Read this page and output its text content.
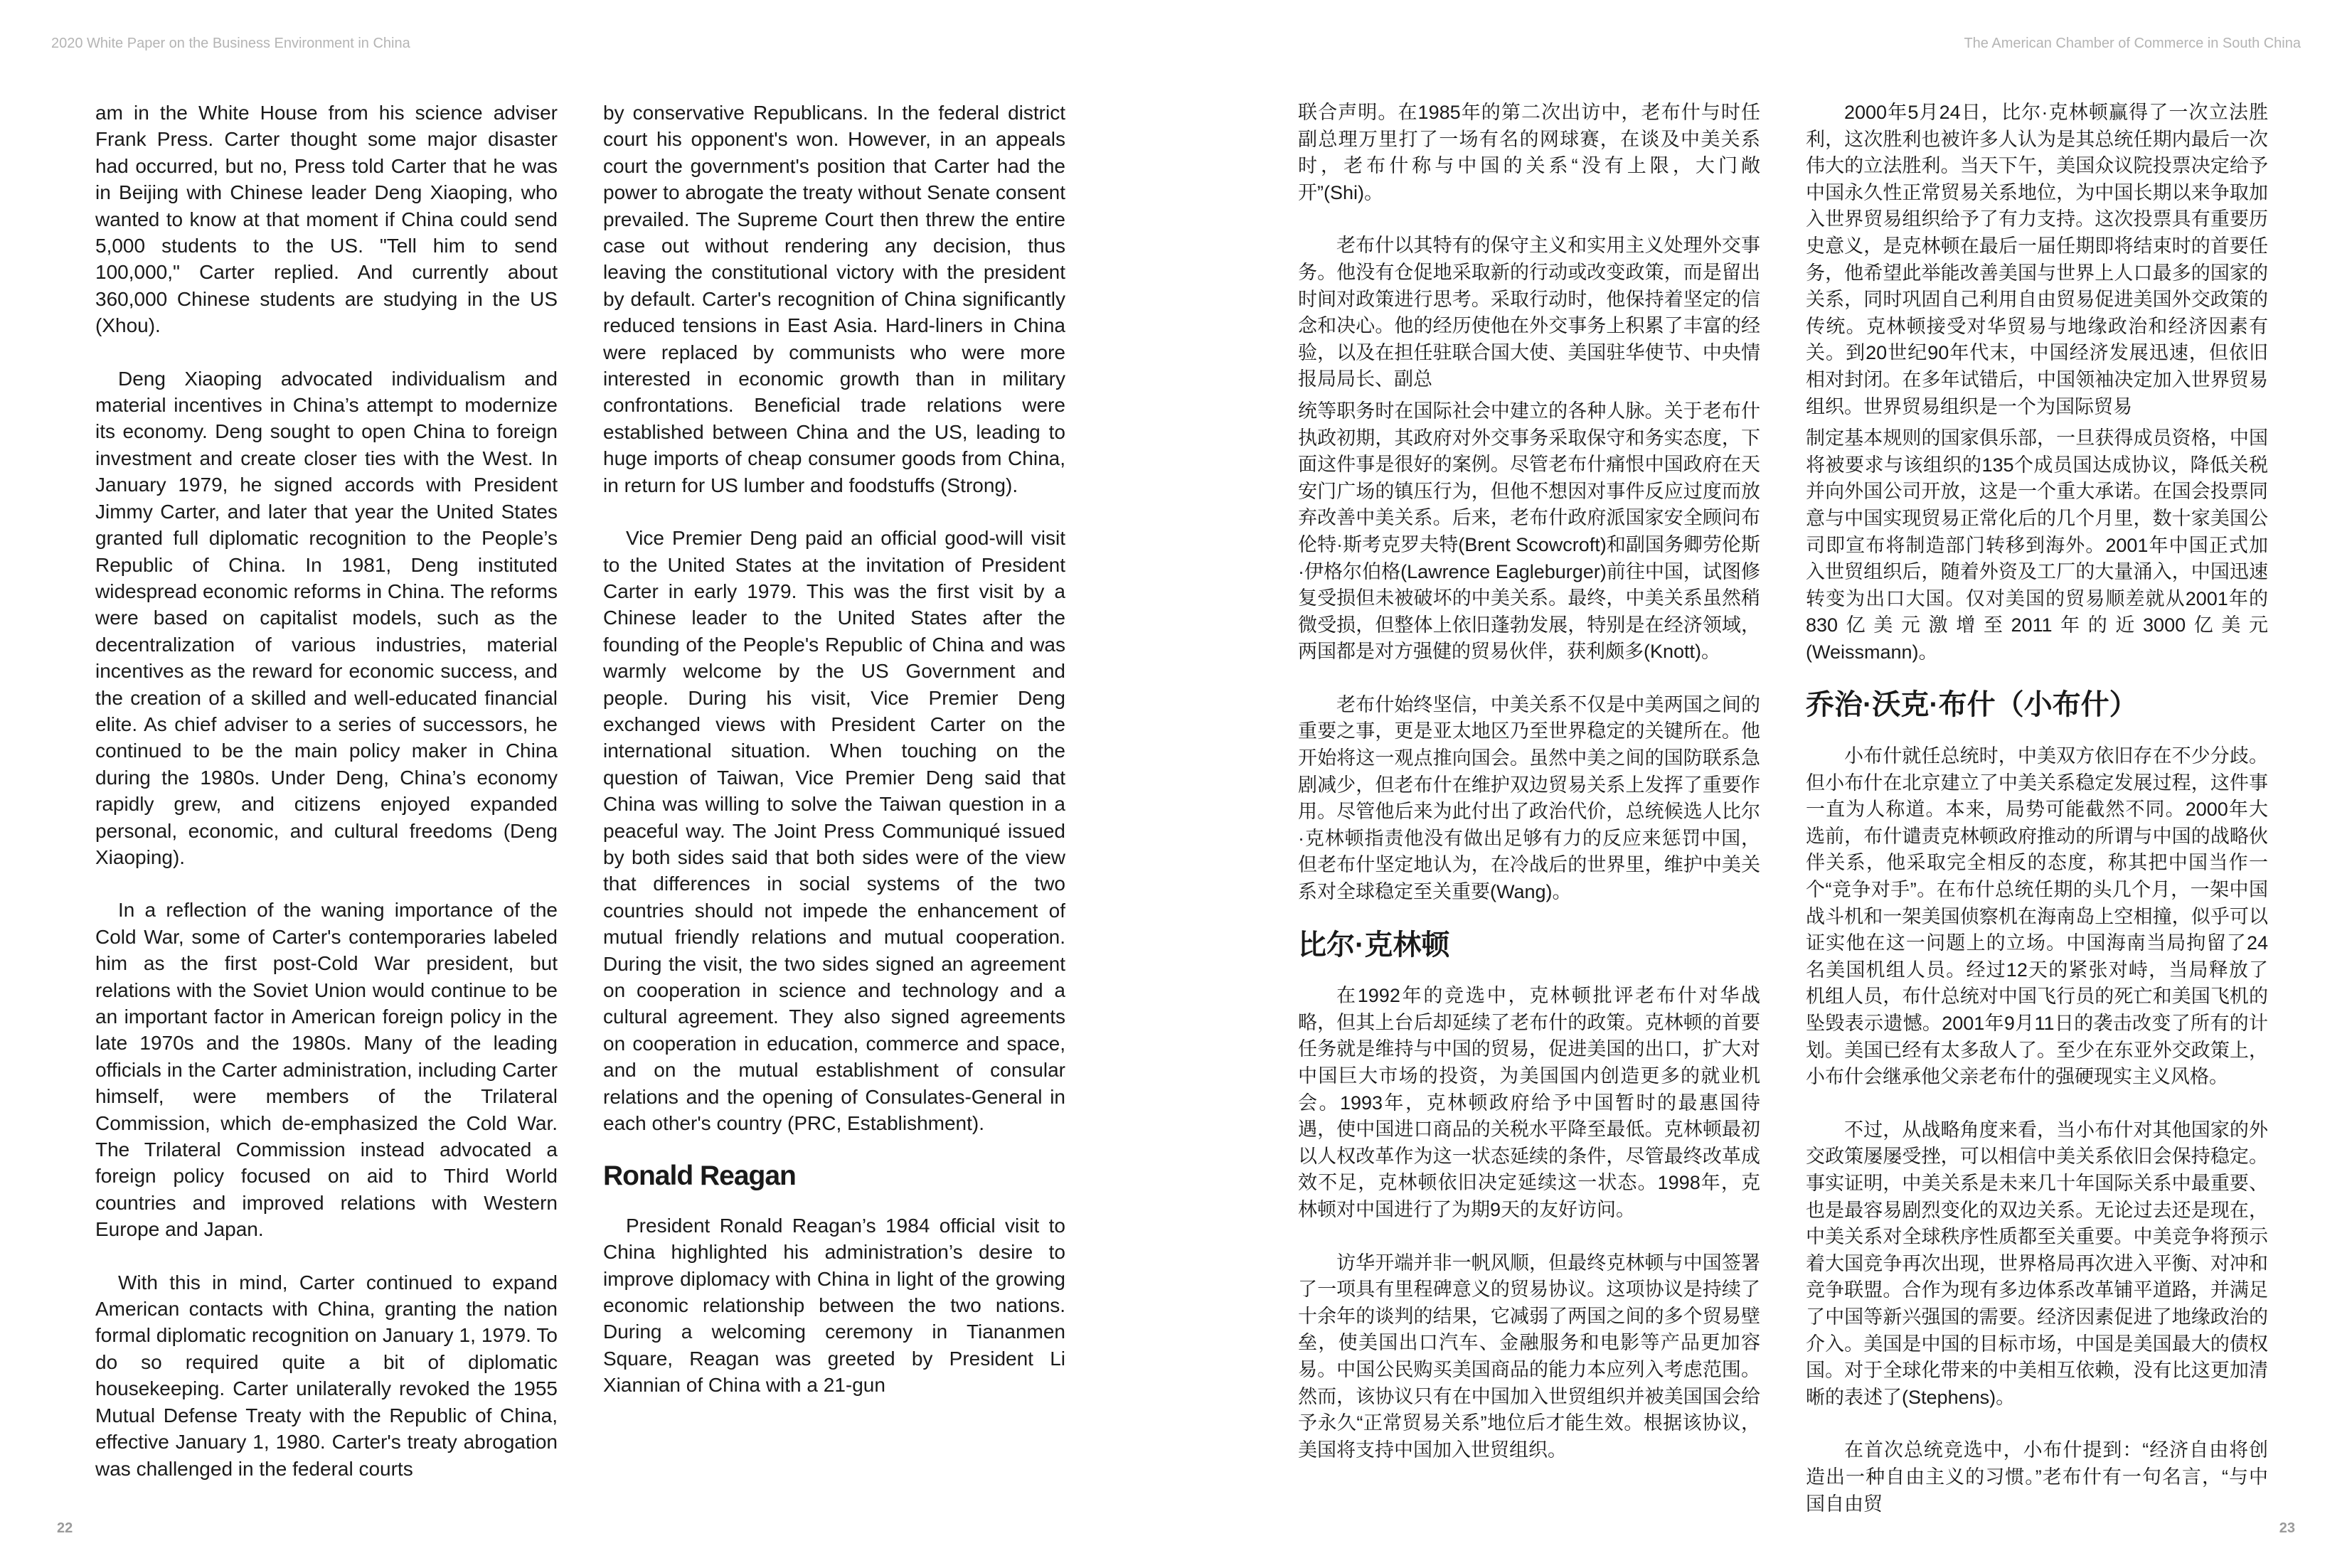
2020 White Paper on the Business Environment in China	The American Chamber of Commerce in South China

am in the White House from his science adviser Frank Press. Carter thought some major disaster had occurred, but no, Press told Carter that he was in Beijing with Chinese leader Deng Xiaoping, who wanted to know at that moment if China could send 5,000 students to the US. "Tell him to send 100,000," Carter replied. And currently about 360,000 Chinese students are studying in the US (Xhou).

Deng Xiaoping advocated individualism and material incentives in China’s attempt to modernize its economy. Deng sought to open China to foreign investment and create closer ties with the West. In January 1979, he signed accords with President Jimmy Carter, and later that year the United States granted full diplomatic recognition to the People’s Republic of China. In 1981, Deng instituted widespread economic reforms in China. The reforms were based on capitalist models, such as the decentralization of various industries, material incentives as the reward for economic success, and the creation of a skilled and well-educated financial elite. As chief adviser to a series of successors, he continued to be the main policy maker in China during the 1980s. Under Deng, China’s economy rapidly grew, and citizens enjoyed expanded personal, economic, and cultural freedoms (Deng Xiaoping).

In a reflection of the waning importance of the Cold War, some of Carter's contemporaries labeled him as the first post-Cold War president, but relations with the Soviet Union would continue to be an important factor in American foreign policy in the late 1970s and the 1980s. Many of the leading officials in the Carter administration, including Carter himself, were members of the Trilateral Commission, which de-emphasized the Cold War. The Trilateral Commission instead advocated a foreign policy focused on aid to Third World countries and improved relations with Western Europe and Japan.

With this in mind, Carter continued to expand American contacts with China, granting the nation formal diplomatic recognition on January 1, 1979. To do so required quite a bit of diplomatic housekeeping. Carter unilaterally revoked the 1955 Mutual Defense Treaty with the Republic of China, effective January 1, 1980. Carter's treaty abrogation was challenged in the federal courts

by conservative Republicans. In the federal district court his opponent's won. However, in an appeals court the government's position that Carter had the power to abrogate the treaty without Senate consent prevailed. The Supreme Court then threw the entire case out without rendering any decision, thus leaving the constitutional victory with the president by default. Carter's recognition of China significantly reduced tensions in East Asia. Hard-liners in China were replaced by communists who were more interested in economic growth than in military confrontations. Beneficial trade relations were established between China and the US, leading to huge imports of cheap consumer goods from China, in return for US lumber and foodstuffs (Strong).

Vice Premier Deng paid an official good-will visit to the United States at the invitation of President Carter in early 1979. This was the first visit by a Chinese leader to the United States after the founding of the People's Republic of China and was warmly welcome by the US Government and people. During his visit, Vice Premier Deng exchanged views with President Carter on the international situation. When touching on the question of Taiwan, Vice Premier Deng said that China was willing to solve the Taiwan question in a peaceful way. The Joint Press Communiqué issued by both sides said that both sides were of the view that differences in social systems of the two countries should not impede the enhancement of mutual friendly relations and mutual cooperation. During the visit, the two sides signed an agreement on cooperation in science and technology and a cultural agreement. They also signed agreements on cooperation in education, commerce and space, and on the mutual establishment of consular relations and the opening of Consulates-General in each other's country (PRC, Establishment).

Ronald Reagan

President Ronald Reagan’s 1984 official visit to China highlighted his administration’s desire to improve diplomacy with China in light of the growing economic relationship between the two nations. During a welcoming ceremony in Tiananmen Square, Reagan was greeted by President Li Xiannian of China with a 21-gun

联合声明。在1985年的第二次出访中，老布什与时任副总理万里打了一场有名的网球赛，在谈及中美关系时，老布什称与中国的关系“没有上限，大门敞开”(Shi)。

老布什以其特有的保守主义和实用主义处理外交事务。他没有仓促地采取新的行动或改变政策，而是留出时间对政策进行思考。采取行动时，他保持着坚定的信念和决心。他的经历使他在外交事务上积累了丰富的经验，以及在担任驻联合国大使、美国驻华使节、中央情报局局长、副总

统等职务时在国际社会中建立的各种人脉。关于老布什执政初期，其政府对外交事务采取保守和务实态度，下面这件事是很好的案例。尽管老布什痛恨中国政府在天安门广场的镇压行为，但他不想因对事件反应过度而放弃改善中美关系。后来，老布什政府派国家安全顾问布伦特·斯考克罗夫特(Brent Scowcroft)和副国务卿劳伦斯·伊格尔伯格(Lawrence Eagleburger)前往中国，试图修复受损但未被破坏的中美关系。最终，中美关系虽然稍微受损，但整体上依旧蓬勃发展，特别是在经济领域，两国都是对方强健的贸易伙伴，获利颇多(Knott)。

老布什始终坚信，中美关系不仅是中美两国之间的重要之事，更是亚太地区乃至世界稳定的关键所在。他开始将这一观点推向国会。虽然中美之间的国防联系急剧减少，但老布什在维护双边贸易关系上发挥了重要作用。尽管他后来为此付出了政治代价，总统候选人比尔·克林顿指责他没有做出足够有力的反应来惩罚中国，但老布什坚定地认为，在冷战后的世界里，维护中美关系对全球稳定至关重要(Wang)。

比尔·克林顿

在1992年的竞选中，克林顿批评老布什对华战略，但其上台后却延续了老布什的政策。克林顿的首要任务就是维持与中国的贸易，促进美国的出口，扩大对中国巨大市场的投资，为美国国内创造更多的就业机会。1993年，克林顿政府给予中国暂时的最惠国待遇，使中国进口商品的关税水平降至最低。克林顿最初以人权改革作为这一状态延续的条件，尽管最终改革成效不足，克林顿依旧决定延续这一状态。1998年，克林顿对中国进行了为期9天的友好访问。

访华开端并非一帆风顺，但最终克林顿与中国签署了一项具有里程碑意义的贸易协议。这项协议是持续了十余年的谈判的结果，它减弱了两国之间的多个贸易壁垒，使美国出口汽车、金融服务和电影等产品更加容易。中国公民购买美国商品的能力本应列入考虑范围。然而，该协议只有在中国加入世贸组织并被美国国会给予永久“正常贸易关系”地位后才能生效。根据该协议，美国将支持中国加入世贸组织。

2000年5月24日，比尔·克林顿赢得了一次立法胜利，这次胜利也被许多人认为是其总统任期内最后一次伟大的立法胜利。当天下午，美国众议院投票决定给予中国永久性正常贸易关系地位，为中国长期以来争取加入世界贸易组织给予了有力支持。这次投票具有重要历史意义，是克林顿在最后一届任期即将结束时的首要任务，他希望此举能改善美国与世界上人口最多的国家的关系，同时巩固自己利用自由贸易促进美国外交政策的传统。克林顿接受对华贸易与地缘政治和经济因素有关。到20世纪90年代末，中国经济发展迅速，但依旧相对封闭。在多年试错后，中国领袖决定加入世界贸易组织。世界贸易组织是一个为国际贸易

制定基本规则的国家俱乐部，一旦获得成员资格，中国将被要求与该组织的135个成员国达成协议，降低关税并向外国公司开放，这是一个重大承诺。在国会投票同意与中国实现贸易正常化后的几个月里，数十家美国公司即宣布将制造部门转移到海外。2001年中国正式加入世贸组织后，随着外资及工厂的大量涌入，中国迅速转变为出口大国。仅对美国的贸易顺差就从2001年的830亿美元激增至2011年的近3000亿美元(Weissmann)。

乔治·沃克·布什（小布什）

小布什就任总统时，中美双方依旧存在不少分歧。但小布什在北京建立了中美关系稳定发展过程，这件事一直为人称道。本来，局势可能截然不同。2000年大选前，布什谴责克林顿政府推动的所谓与中国的战略伙伴关系，他采取完全相反的态度，称其把中国当作一个“竞争对手”。在布什总统任期的头几个月，一架中国战斗机和一架美国侦察机在海南岛上空相撞，似乎可以证实他在这一问题上的立场。中国海南当局拘留了24名美国机组人员。经过12天的紧张对峙，当局释放了机组人员，布什总统对中国飞行员的死亡和美国飞机的坠毁表示遗憾。2001年9月11日的袭击改变了所有的计划。美国已经有太多敌人了。至少在东亚外交政策上，小布什会继承他父亲老布什的强硬现实主义风格。

不过，从战略角度来看，当小布什对其他国家的外交政策屡屡受挫，可以相信中美关系依旧会保持稳定。事实证明，中美关系是未来几十年国际关系中最重要、也是最容易剧烈变化的双边关系。无论过去还是现在，中美关系对全球秩序性质都至关重要。中美竞争将预示着大国竞争再次出现，世界格局再次进入平衡、对冲和竞争联盟。合作为现有多边体系改革铺平道路，并满足了中国等新兴强国的需要。经济因素促进了地缘政治的介入。美国是中国的目标市场，中国是美国最大的债权国。对于全球化带来的中美相互依赖，没有比这更加清晰的表述了(Stephens)。

在首次总统竞选中，小布什提到：“经济自由将创造出一种自由主义的习惯。”老布什有一句名言，“与中国自由贸

22	23
